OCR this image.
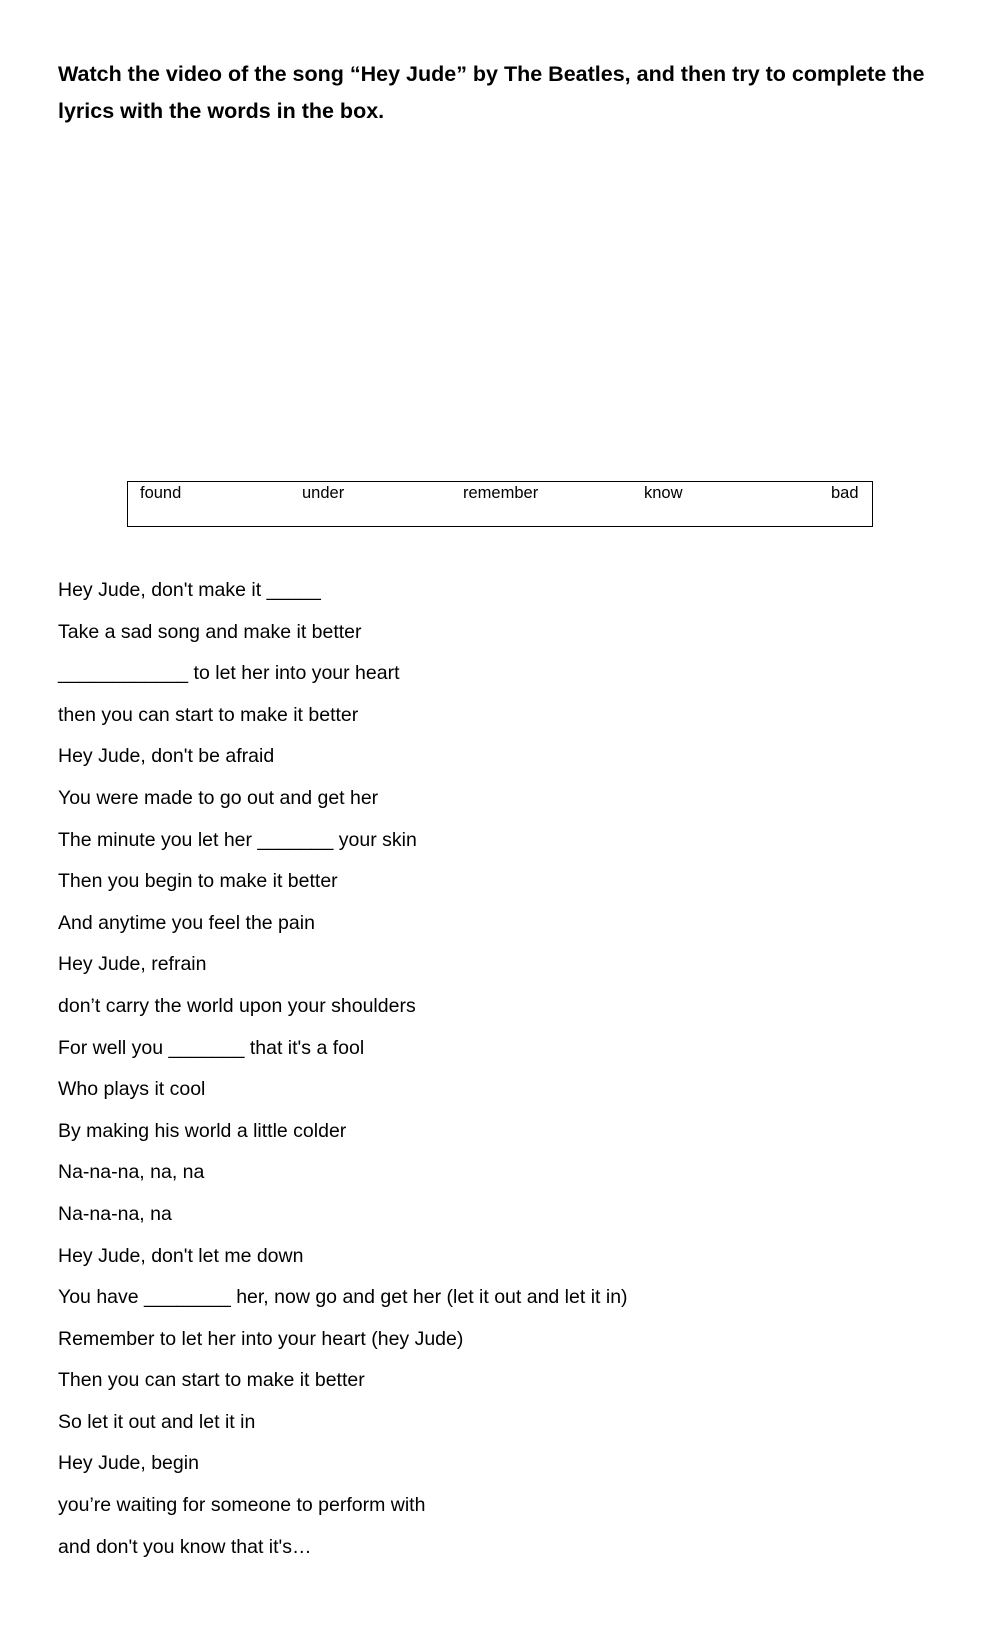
Watch the video of the song “Hey Jude” by The Beatles, and then try to complete the lyrics with the words in the box.

found	under	remember	know	bad
Hey Jude, don't make it _____
Take a sad song and make it better
____________ to let her into your heart
then you can start to make it better
Hey Jude, don't be afraid
You were made to go out and get her
The minute you let her _______ your skin
Then you begin to make it better
And anytime you feel the pain
Hey Jude, refrain
don’t carry the world upon your shoulders
For well you _______ that it's a fool
Who plays it cool
By making his world a little colder
Na-na-na, na, na
Na-na-na, na
Hey Jude, don't let me down
You have ________ her, now go and get her (let it out and let it in)
Remember to let her into your heart (hey Jude)
Then you can start to make it better
So let it out and let it in
Hey Jude, begin
you’re waiting for someone to perform with
and don't you know that it's…
